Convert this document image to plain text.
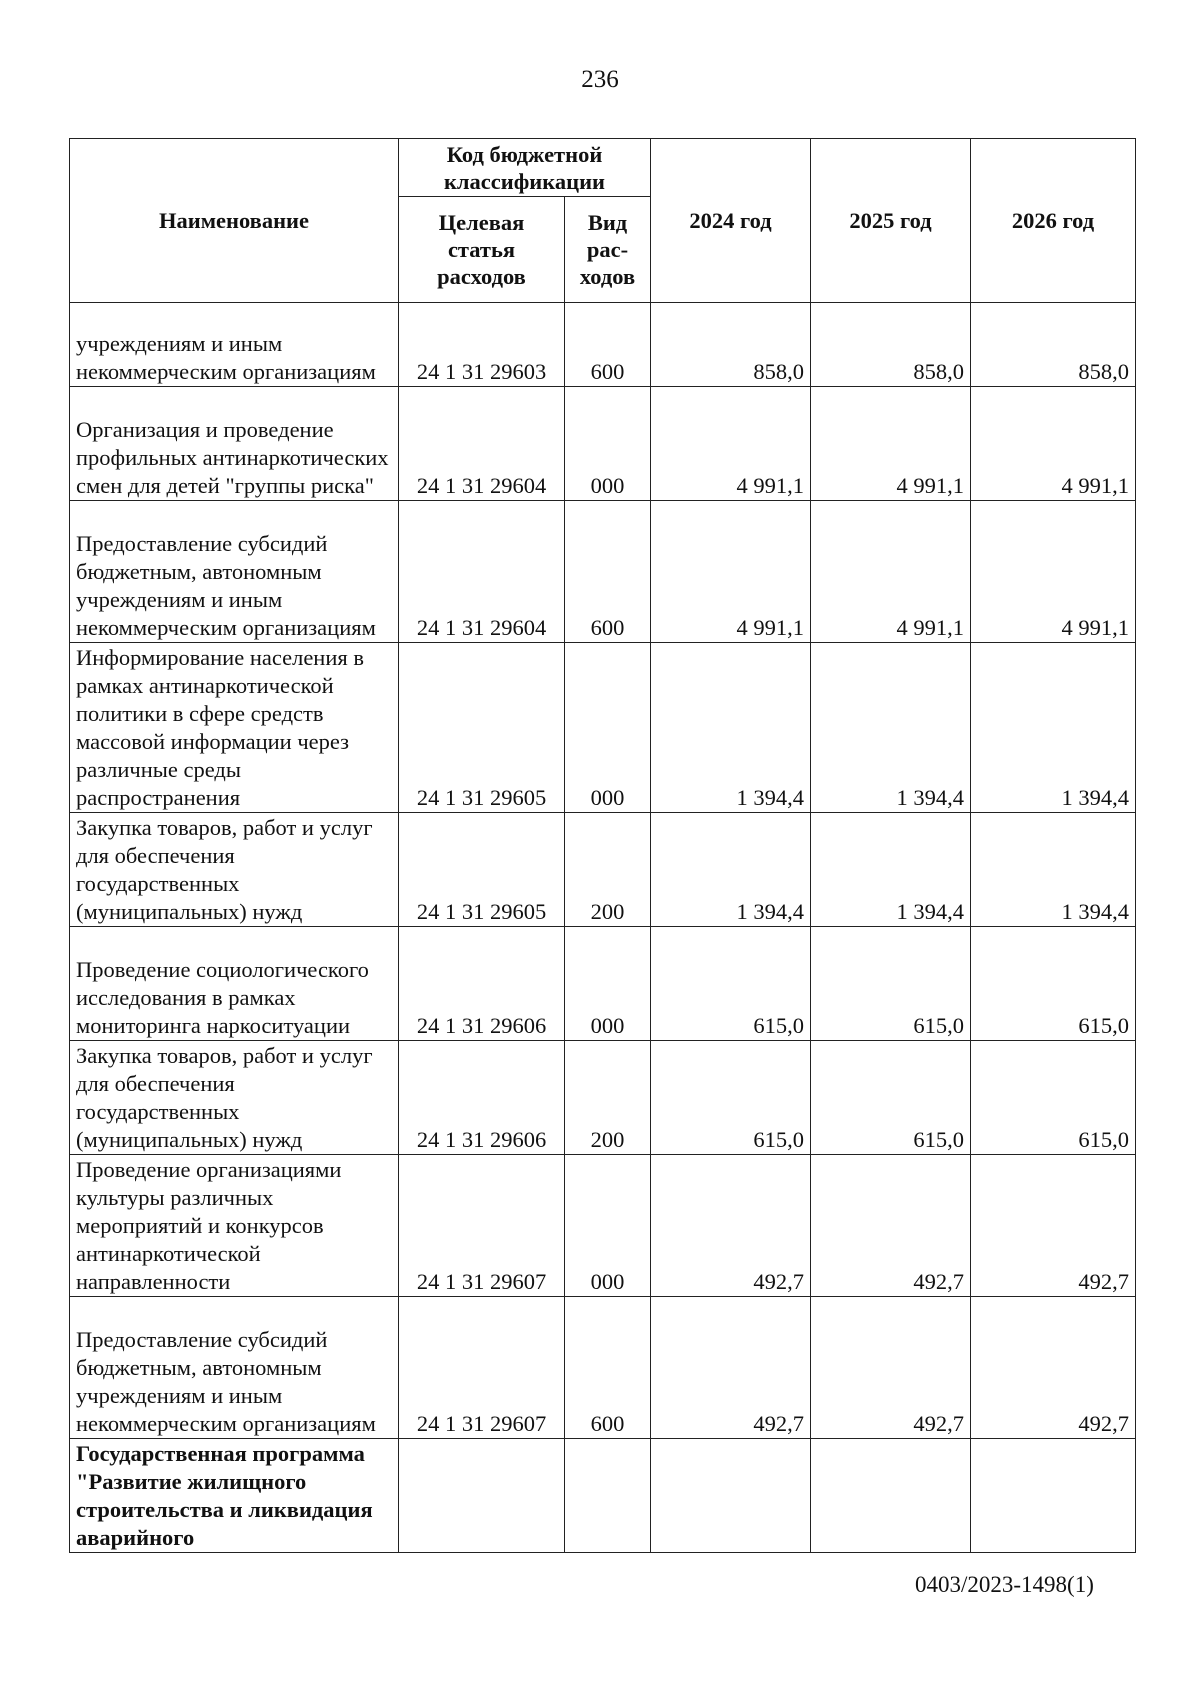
236
Наименование	Код бюджетной классификации		2024 год	2025 год	2026 год
	Целевая статья расходов	Вид рас- ходов			
учреждениям и иным некоммерческим организациям	24 1 31 29603	600	858,0	858,0	858,0
Организация и проведение профильных антинаркотических смен для детей "группы риска"	24 1 31 29604	000	4 991,1	4 991,1	4 991,1
Предоставление субсидий бюджетным, автономным учреждениям и иным некоммерческим организациям	24 1 31 29604	600	4 991,1	4 991,1	4 991,1
Информирование населения в рамках антинаркотической политики в сфере средств массовой информации через различные среды распространения	24 1 31 29605	000	1 394,4	1 394,4	1 394,4
Закупка товаров, работ и услуг для обеспечения государственных (муниципальных) нужд	24 1 31 29605	200	1 394,4	1 394,4	1 394,4
Проведение социологического исследования в рамках мониторинга наркоситуации	24 1 31 29606	000	615,0	615,0	615,0
Закупка товаров, работ и услуг для обеспечения государственных (муниципальных) нужд	24 1 31 29606	200	615,0	615,0	615,0
Проведение организациями культуры различных мероприятий и конкурсов антинаркотической направленности	24 1 31 29607	000	492,7	492,7	492,7
Предоставление субсидий бюджетным, автономным учреждениям и иным некоммерческим организациям	24 1 31 29607	600	492,7	492,7	492,7
Государственная программа "Развитие жилищного строительства и ликвидация аварийного					
0403/2023-1498(1)
